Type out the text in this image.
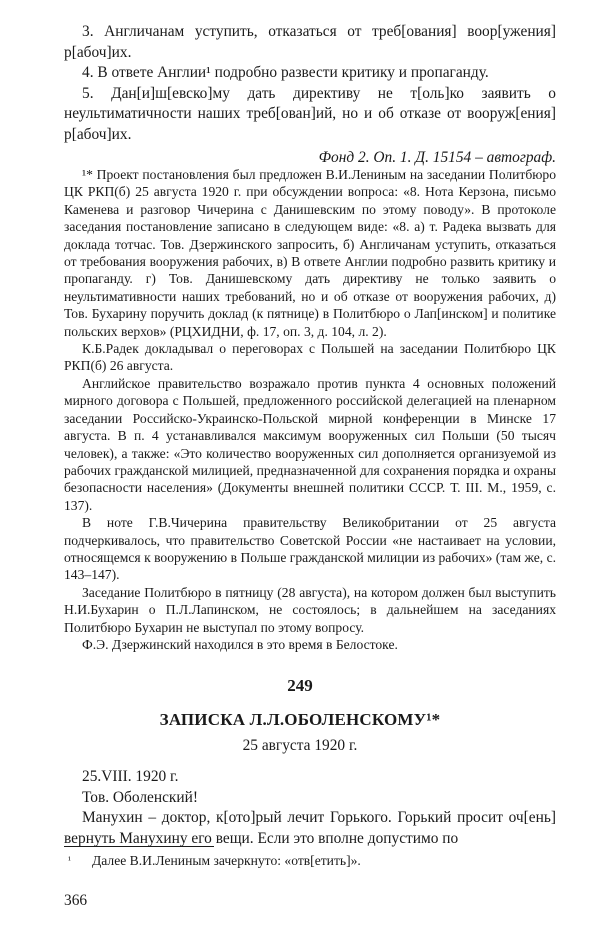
3. Англичанам уступить, отказаться от треб[ования] воор[ужения] р[абоч]их.

4. В ответе Англии¹ подробно развести критику и пропаганду.

5. Дан[и]ш[евско]му дать директиву не т[оль]ко заявить о неультиматичности наших треб[ован]ий, но и об отказе от вооруж[ения] р[абоч]их.

Фонд 2. Оп. 1. Д. 15154 – автограф.

¹* Проект постановления был предложен В.И.Лениным на заседании Политбюро ЦК РКП(б) 25 августа 1920 г. при обсуждении вопроса: «8. Нота Керзона, письмо Каменева и разговор Чичерина с Данишевским по этому поводу». В протоколе заседания постановление записано в следующем виде: «8. а) т. Радека вызвать для доклада тотчас. Тов. Дзержинского запросить, б) Англичанам уступить, отказаться от требования вооружения рабочих, в) В ответе Англии подробно развить критику и пропаганду. г) Тов. Данишевскому дать директиву не только заявить о неультимативности наших требований, но и об отказе от вооружения рабочих, д) Тов. Бухарину поручить доклад (к пятнице) в Политбюро о Лап[инском] и политике польских верхов» (РЦХИДНИ, ф. 17, оп. 3, д. 104, л. 2).

К.Б.Радек докладывал о переговорах с Польшей на заседании Политбюро ЦК РКП(б) 26 августа.

Английское правительство возражало против пункта 4 основных положений мирного договора с Польшей, предложенного российской делегацией на пленарном заседании Российско-Украинско-Польской мирной конференции в Минске 17 августа. В п. 4 устанавливался максимум вооруженных сил Польши (50 тысяч человек), а также: «Это количество вооруженных сил дополняется организуемой из рабочих гражданской милицией, предназначенной для сохранения порядка и охраны безопасности населения» (Документы внешней политики СССР. Т. III. М., 1959, с. 137).

В ноте Г.В.Чичерина правительству Великобритании от 25 августа подчеркивалось, что правительство Советской России «не настаивает на условии, относящемся к вооружению в Польше гражданской милиции из рабочих» (там же, с. 143–147).

Заседание Политбюро в пятницу (28 августа), на котором должен был выступить Н.И.Бухарин о П.Л.Лапинском, не состоялось; в дальнейшем на заседаниях Политбюро Бухарин не выступал по этому вопросу.

Ф.Э. Дзержинский находился в это время в Белостоке.

249
ЗАПИСКА Л.Л.ОБОЛЕНСКОМУ¹*
25 августа 1920 г.

25.VIII. 1920 г.

Тов. Оболенский!

Манухин – доктор, к[ото]рый лечит Горького. Горький просит оч[ень] вернуть Манухину его вещи. Если это вполне допустимо по

¹ Далее В.И.Лениным зачеркнуто: «отв[етить]».
366
